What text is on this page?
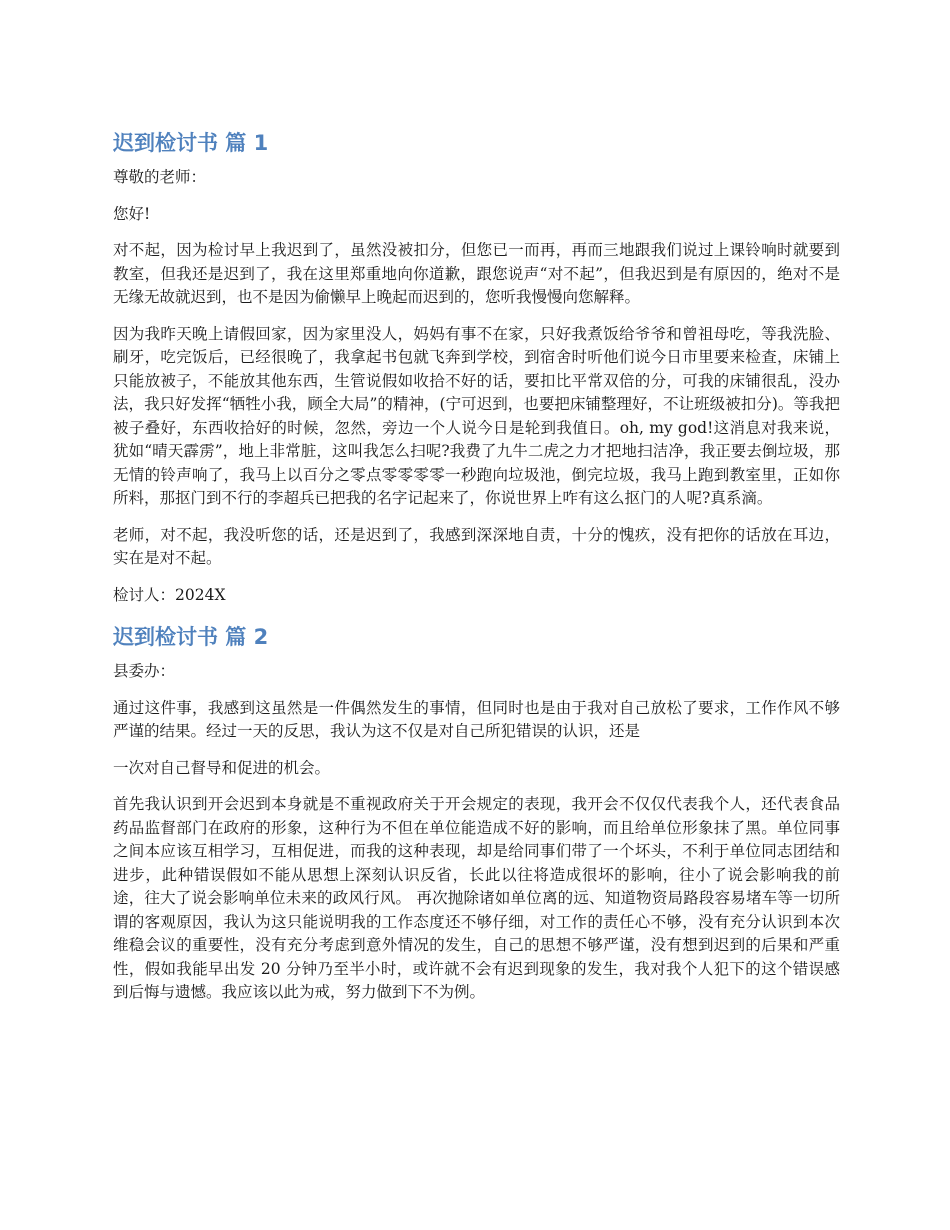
迟到检讨书 篇 1

尊敬的老师：

您好!

对不起，因为检讨早上我迟到了，虽然没被扣分，但您已一而再，再而三地跟我们说过上课铃响时就要到教室，但我还是迟到了，我在这里郑重地向你道歉，跟您说声“对不起”，但我迟到是有原因的，绝对不是无缘无故就迟到，也不是因为偷懒早上晚起而迟到的，您听我慢慢向您解释。

因为我昨天晚上请假回家，因为家里没人，妈妈有事不在家，只好我煮饭给爷爷和曾祖母吃，等我洗脸、刷牙，吃完饭后，已经很晚了，我拿起书包就飞奔到学校，到宿舍时听他们说今日市里要来检查，床铺上只能放被子，不能放其他东西，生管说假如收拾不好的话，要扣比平常双倍的分，可我的床铺很乱，没办法，我只好发挥“牺牲小我，顾全大局”的精神，(宁可迟到，也要把床铺整理好，不让班级被扣分)。等我把被子叠好，东西收拾好的时候，忽然，旁边一个人说今日是轮到我值日。oh, my god!这消息对我来说，犹如“晴天霹雳”，地上非常脏，这叫我怎么扫呢?我费了九牛二虎之力才把地扫洁净，我正要去倒垃圾，那无情的铃声响了，我马上以百分之零点零零零零一秒跑向垃圾池，倒完垃圾，我马上跑到教室里，正如你所料，那抠门到不行的李超兵已把我的名字记起来了，你说世界上咋有这么抠门的人呢?真系滴。

老师，对不起，我没听您的话，还是迟到了，我感到深深地自责，十分的愧疚，没有把你的话放在耳边，实在是对不起。

检讨人：2024X

迟到检讨书 篇 2

县委办：

通过这件事，我感到这虽然是一件偶然发生的事情，但同时也是由于我对自己放松了要求，工作作风不够严谨的结果。经过一天的反思，我认为这不仅是对自己所犯错误的认识，还是

一次对自己督导和促进的机会。

首先我认识到开会迟到本身就是不重视政府关于开会规定的表现，我开会不仅仅代表我个人，还代表食品药品监督部门在政府的形象，这种行为不但在单位能造成不好的影响，而且给单位形象抹了黑。单位同事之间本应该互相学习，互相促进，而我的这种表现，却是给同事们带了一个坏头，不利于单位同志团结和进步，此种错误假如不能从思想上深刻认识反省，长此以往将造成很坏的影响，往小了说会影响我的前途，往大了说会影响单位未来的政风行风。 再次抛除诸如单位离的远、知道物资局路段容易堵车等一切所谓的客观原因，我认为这只能说明我的工作态度还不够仔细，对工作的责任心不够，没有充分认识到本次维稳会议的重要性，没有充分考虑到意外情况的发生，自己的思想不够严谨，没有想到迟到的后果和严重性，假如我能早出发 20 分钟乃至半小时，或许就不会有迟到现象的发生，我对我个人犯下的这个错误感到后悔与遗憾。我应该以此为戒，努力做到下不为例。
